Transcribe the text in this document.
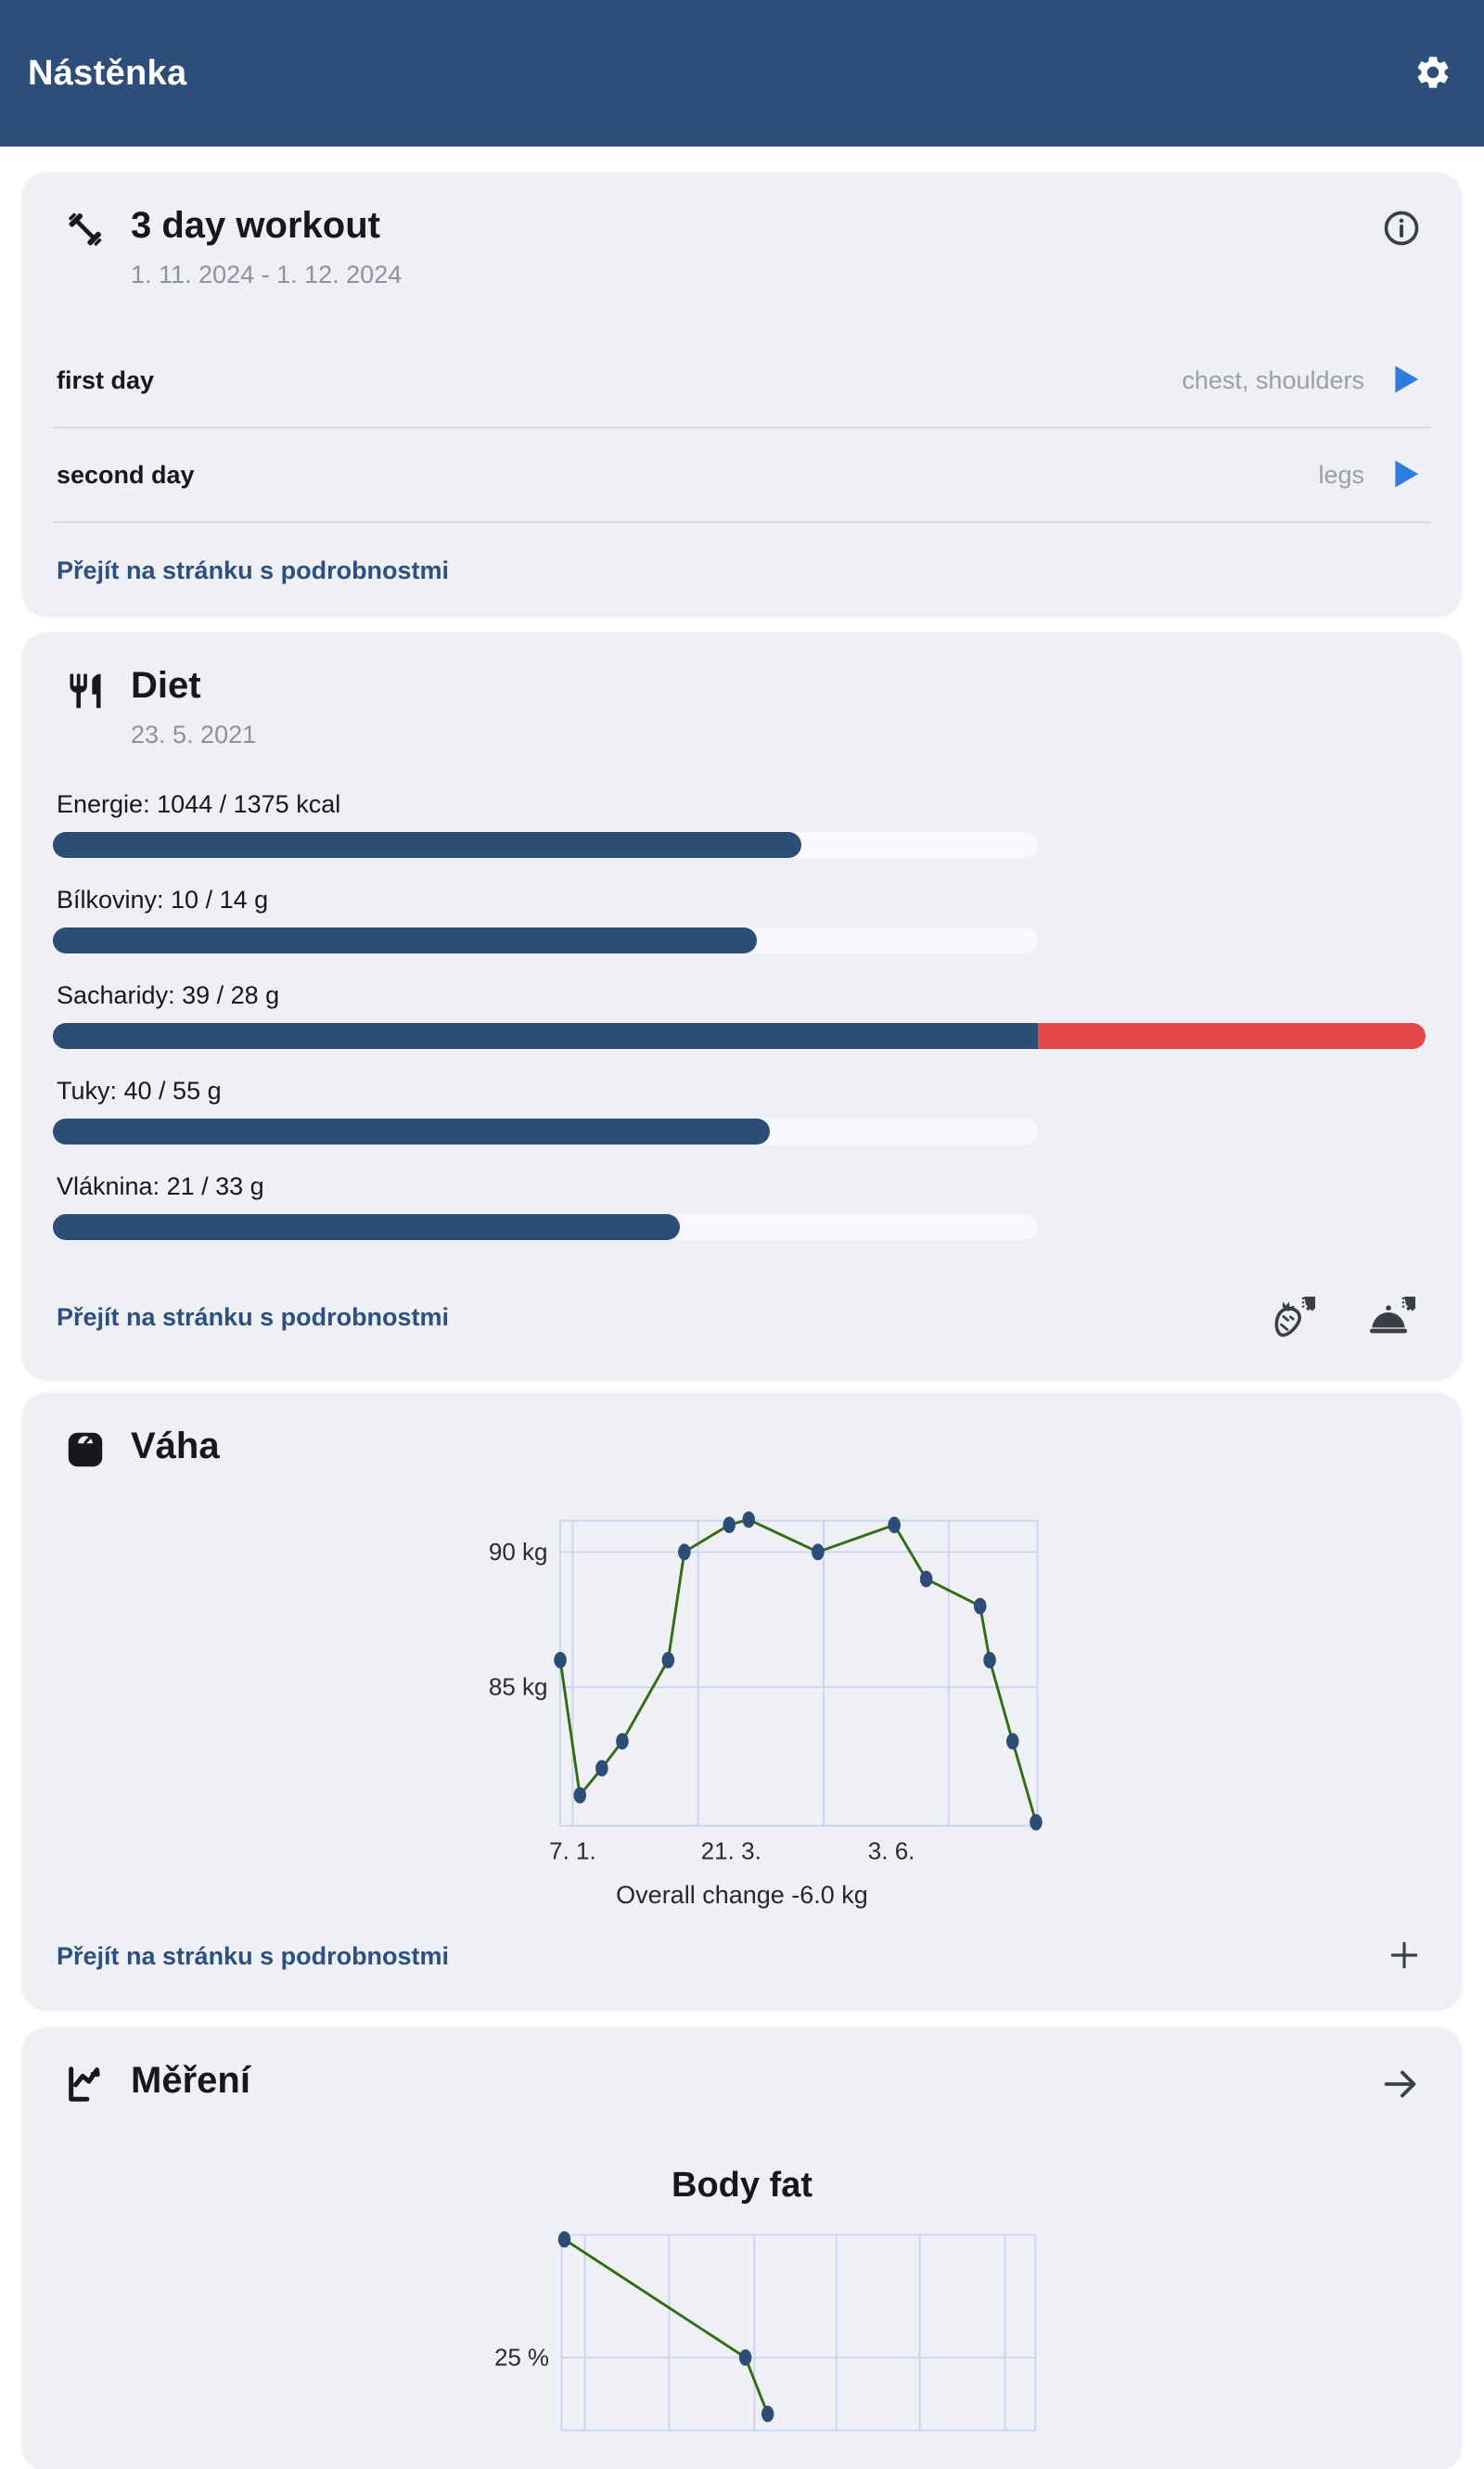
Nástěnka
3 day workout
1. 11. 2024 - 1. 12. 2024
first day	chest, shoulders
second day	legs
Přejít na stránku s podrobnostmi
Diet
23. 5. 2021
Energie: 1044 / 1375 kcal
Bílkoviny: 10 / 14 g
Sacharidy: 39 / 28 g
Tuky: 40 / 55 g
Vláknina: 21 / 33 g
Přejít na stránku s podrobnostmi
Váha
90 kg
85 kg
7. 1.	21. 3.	3. 6.
Overall change -6.0 kg
Přejít na stránku s podrobnostmi
Měření
Body fat
25 %
